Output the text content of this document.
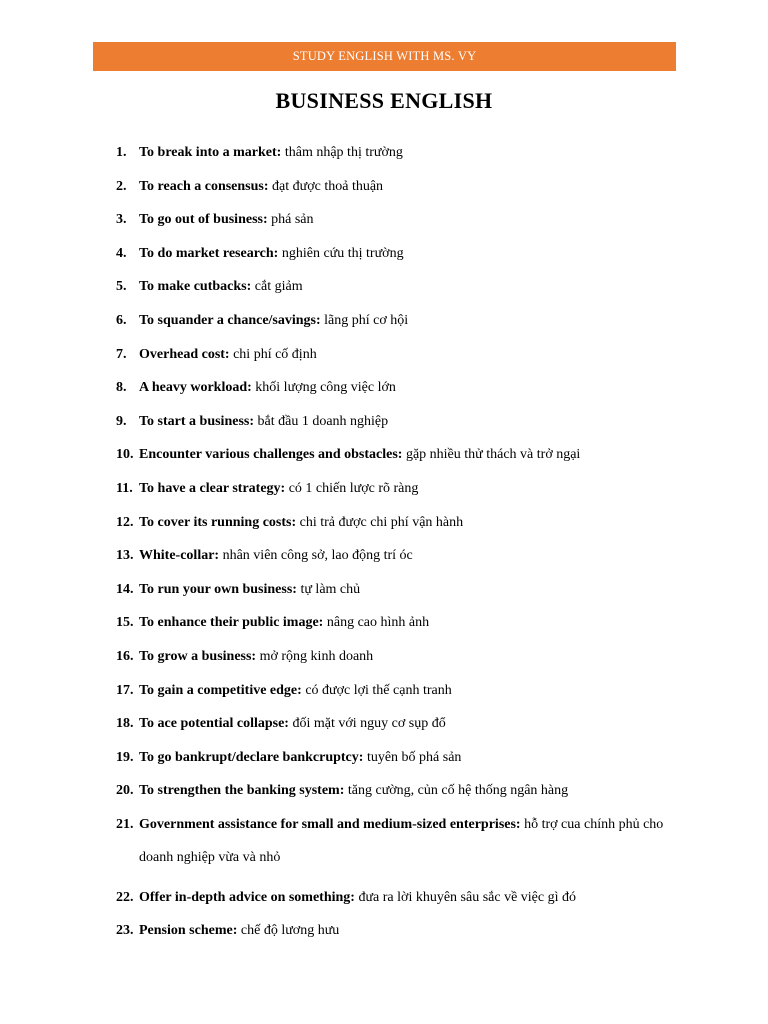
STUDY ENGLISH WITH MS. VY
BUSINESS ENGLISH
1. To break into a market: thâm nhập thị trường
2. To reach a consensus: đạt được thoả thuận
3. To go out of business: phá sản
4. To do market research: nghiên cứu thị trường
5. To make cutbacks: cắt giảm
6. To squander a chance/savings: lãng phí cơ hội
7. Overhead cost: chi phí cố định
8. A heavy workload: khối lượng công việc lớn
9. To start a business: bắt đầu 1 doanh nghiệp
10. Encounter various challenges and obstacles: gặp nhiều thử thách và trở ngại
11. To have a clear strategy: có 1 chiến lược rõ ràng
12. To cover its running costs: chi trả được chi phí vận hành
13. White-collar: nhân viên công sở, lao động trí óc
14. To run your own business: tự làm chủ
15. To enhance their public image: nâng cao hình ảnh
16. To grow a business: mở rộng kinh doanh
17. To gain a competitive edge: có được lợi thế cạnh tranh
18. To ace potential collapse: đối mặt với nguy cơ sụp đổ
19. To go bankrupt/declare bankcruptcy: tuyên bố phá sản
20. To strengthen the banking system: tăng cường, củn cố hệ thống ngân hàng
21. Government assistance for small and medium-sized enterprises: hỗ trợ cua chính phủ cho doanh nghiệp vừa và nhỏ
22. Offer in-depth advice on something: đưa ra lời khuyên sâu sắc về việc gì đó
23. Pension scheme: chế độ lương hưu
